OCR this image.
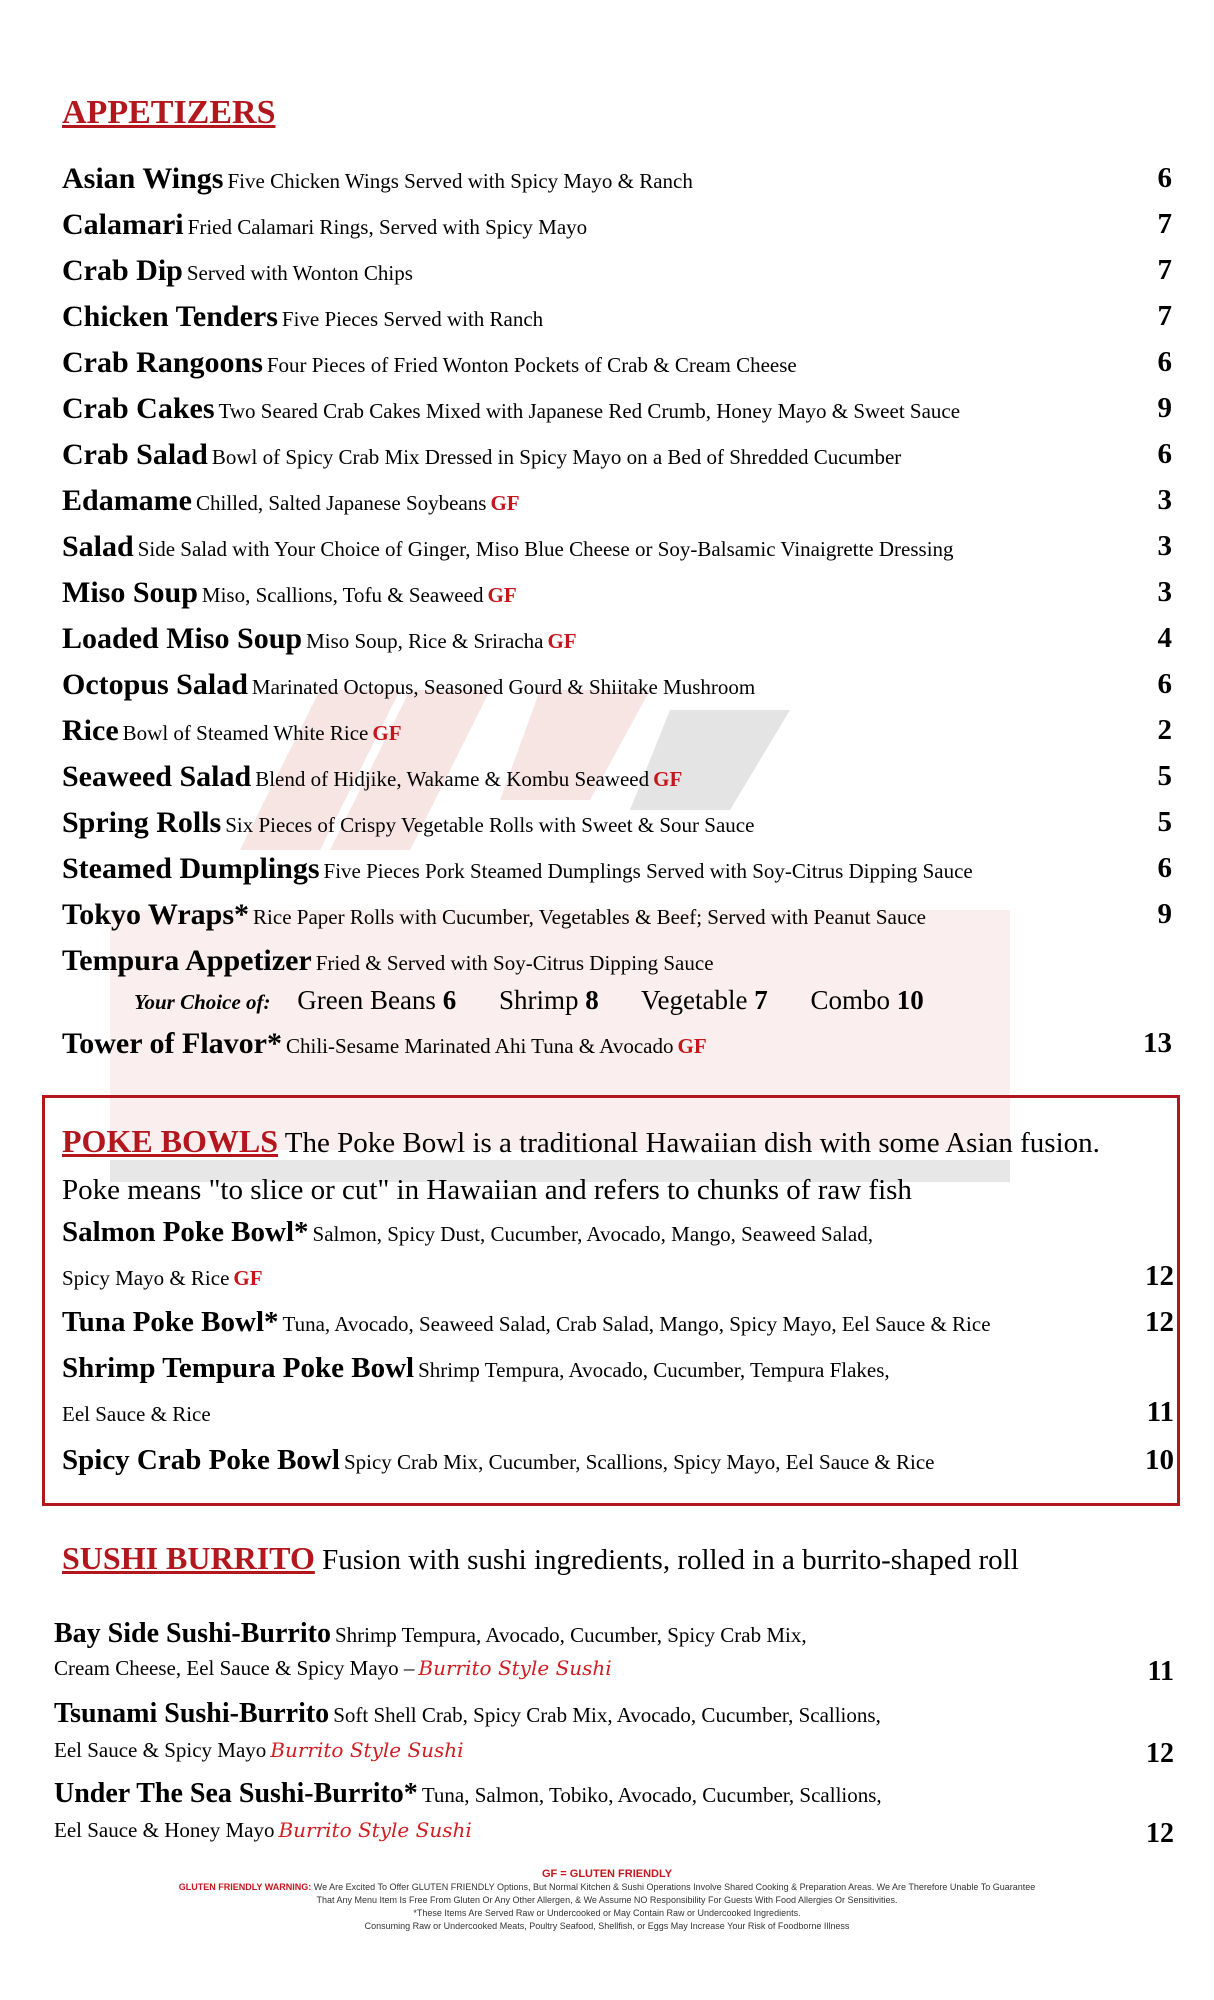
APPETIZERS
Asian Wings Five Chicken Wings Served with Spicy Mayo & Ranch	6
Calamari Fried Calamari Rings, Served with Spicy Mayo	7
Crab Dip Served with Wonton Chips	7
Chicken Tenders Five Pieces Served with Ranch	7
Crab Rangoons Four Pieces of Fried Wonton Pockets of Crab & Cream Cheese	6
Crab Cakes Two Seared Crab Cakes Mixed with Japanese Red Crumb, Honey Mayo & Sweet Sauce	9
Crab Salad Bowl of Spicy Crab Mix Dressed in Spicy Mayo on a Bed of Shredded Cucumber	6
Edamame Chilled, Salted Japanese Soybeans GF	3
Salad Side Salad with Your Choice of Ginger, Miso Blue Cheese or Soy-Balsamic Vinaigrette Dressing	3
Miso Soup Miso, Scallions, Tofu & Seaweed GF	3
Loaded Miso Soup Miso Soup, Rice & Sriracha GF	4
Octopus Salad Marinated Octopus, Seasoned Gourd & Shiitake Mushroom	6
Rice Bowl of Steamed White Rice GF	2
Seaweed Salad Blend of Hidjike, Wakame & Kombu Seaweed GF	5
Spring Rolls Six Pieces of Crispy Vegetable Rolls with Sweet & Sour Sauce	5
Steamed Dumplings Five Pieces Pork Steamed Dumplings Served with Soy-Citrus Dipping Sauce	6
Tokyo Wraps* Rice Paper Rolls with Cucumber, Vegetables & Beef; Served with Peanut Sauce	9
Tempura Appetizer Fried & Served with Soy-Citrus Dipping Sauce
Your Choice of: Green Beans 6 Shrimp 8 Vegetable 7 Combo 10
Tower of Flavor* Chili-Sesame Marinated Ahi Tuna & Avocado GF	13
POKE BOWLS The Poke Bowl is a traditional Hawaiian dish with some Asian fusion. Poke means "to slice or cut" in Hawaiian and refers to chunks of raw fish
Salmon Poke Bowl* Salmon, Spicy Dust, Cucumber, Avocado, Mango, Seaweed Salad,
Spicy Mayo & Rice GF	12
Tuna Poke Bowl* Tuna, Avocado, Seaweed Salad, Crab Salad, Mango, Spicy Mayo, Eel Sauce & Rice	12
Shrimp Tempura Poke Bowl Shrimp Tempura, Avocado, Cucumber, Tempura Flakes,
Eel Sauce & Rice	11
Spicy Crab Poke Bowl Spicy Crab Mix, Cucumber, Scallions, Spicy Mayo, Eel Sauce & Rice	10
SUSHI BURRITO Fusion with sushi ingredients, rolled in a burrito-shaped roll
Bay Side Sushi-Burrito Shrimp Tempura, Avocado, Cucumber, Spicy Crab Mix,
Cream Cheese, Eel Sauce & Spicy Mayo – Burrito Style Sushi	11
Tsunami Sushi-Burrito Soft Shell Crab, Spicy Crab Mix, Avocado, Cucumber, Scallions,
Eel Sauce & Spicy Mayo Burrito Style Sushi	12
Under The Sea Sushi-Burrito* Tuna, Salmon, Tobiko, Avocado, Cucumber, Scallions,
Eel Sauce & Honey Mayo Burrito Style Sushi	12
GF = GLUTEN FRIENDLY
GLUTEN FRIENDLY WARNING: We Are Excited To Offer GLUTEN FRIENDLY Options, But Normal Kitchen & Sushi Operations Involve Shared Cooking & Preparation Areas. We Are Therefore Unable To Guarantee
That Any Menu Item Is Free From Gluten Or Any Other Allergen, & We Assume NO Responsibility For Guests With Food Allergies Or Sensitivities.
*These Items Are Served Raw or Undercooked or May Contain Raw or Undercooked Ingredients.
Consuming Raw or Undercooked Meats, Poultry Seafood, Shellfish, or Eggs May Increase Your Risk of Foodborne Illness
